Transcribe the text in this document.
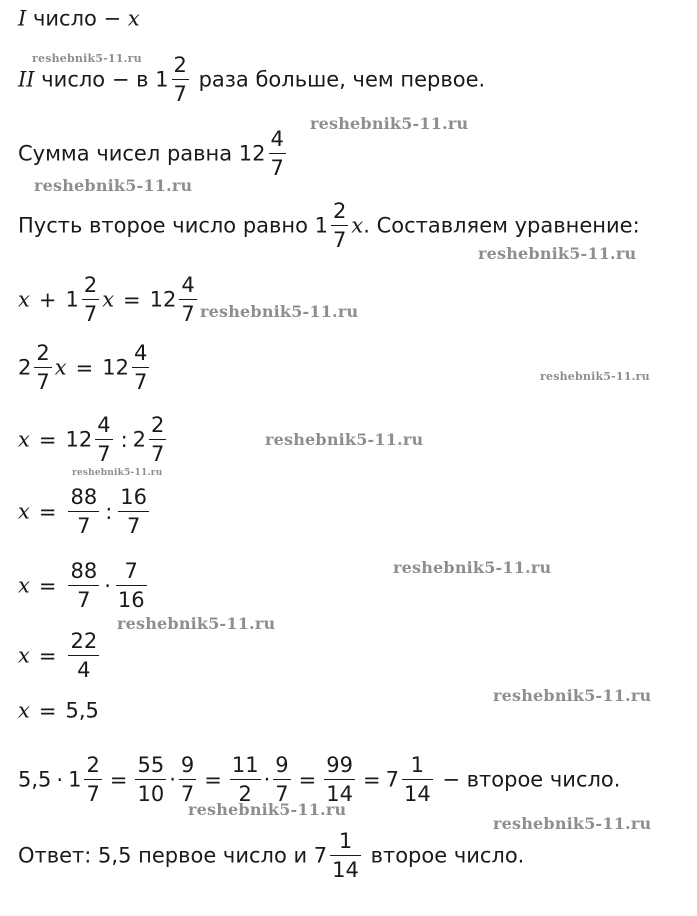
I число − x
II число − в $1 \frac{2}{7}$ раза больше, чем первое.
Сумма чисел равна $12 \frac{4}{7}$
Пусть второе число равно $1 \frac{2}{7} x$. Составляем уравнение:
$x + 1 \frac{2}{7}$ $x = 12 \frac{4}{7}$
$2 \frac{2}{7}$ $x = 12 \frac{4}{7}$
$x = 12 \frac{4}{7}$ : $2 \frac{2}{7}$
$x = \frac{88}{7}$ : $\frac{16}{7}$
$x = \frac{88}{7} \cdot \frac{7}{16}$
$x = \frac{22}{4}$
x = 5,5
$5,5 \cdot 1 \frac{2}{7} = \frac{55}{10} \cdot \frac{9}{7} = \frac{11}{2} \cdot \frac{9}{7} = \frac{99}{14} = 7 \frac{1}{14}$ − второе число.
Ответ: 5,5 первое число и $7 \frac{1}{14}$ второе число.
reshebnik5-11.ru
reshebnik5-11.ru
reshebnik5-11.ru
reshebnik5-11.ru
reshebnik5-11.ru
reshebnik5-11.ru
reshebnik5-11.ru
reshebnik5-11.ru
reshebnik5-11.ru
reshebnik5-11.ru
reshebnik5-11.ru
reshebnik5-11.ru
reshebnik5-11.ru
